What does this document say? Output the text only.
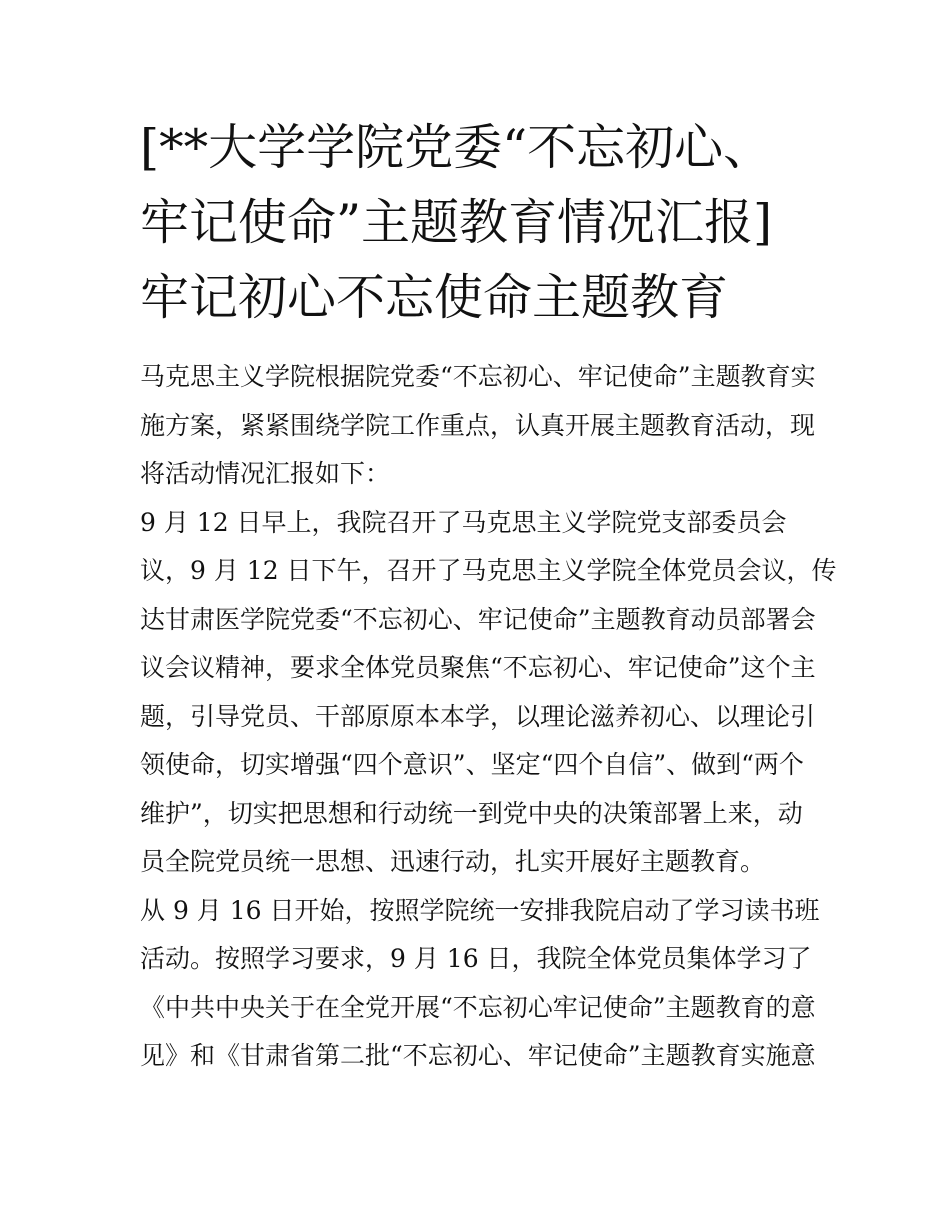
[**大学学院党委“不忘初心、
牢记使命”主题教育情况汇报]
牢记初心不忘使命主题教育

马克思主义学院根据院党委“不忘初心、牢记使命”主题教育实
施方案，紧紧围绕学院工作重点，认真开展主题教育活动，现
将活动情况汇报如下：

9 月 12 日早上，我院召开了马克思主义学院党支部委员会
议，9 月 12 日下午，召开了马克思主义学院全体党员会议，传
达甘肃医学院党委“不忘初心、牢记使命”主题教育动员部署会
议会议精神，要求全体党员聚焦“不忘初心、牢记使命”这个主
题，引导党员、干部原原本本学，以理论滋养初心、以理论引
领使命，切实增强“四个意识”、坚定“四个自信”、做到“两个
维护”，切实把思想和行动统一到党中央的决策部署上来，动
员全院党员统一思想、迅速行动，扎实开展好主题教育。

从 9 月 16 日开始，按照学院统一安排我院启动了学习读书班
活动。按照学习要求，9 月 16 日，我院全体党员集体学习了
《中共中央关于在全党开展“不忘初心牢记使命”主题教育的意
见》和《甘肃省第二批“不忘初心、牢记使命”主题教育实施意
